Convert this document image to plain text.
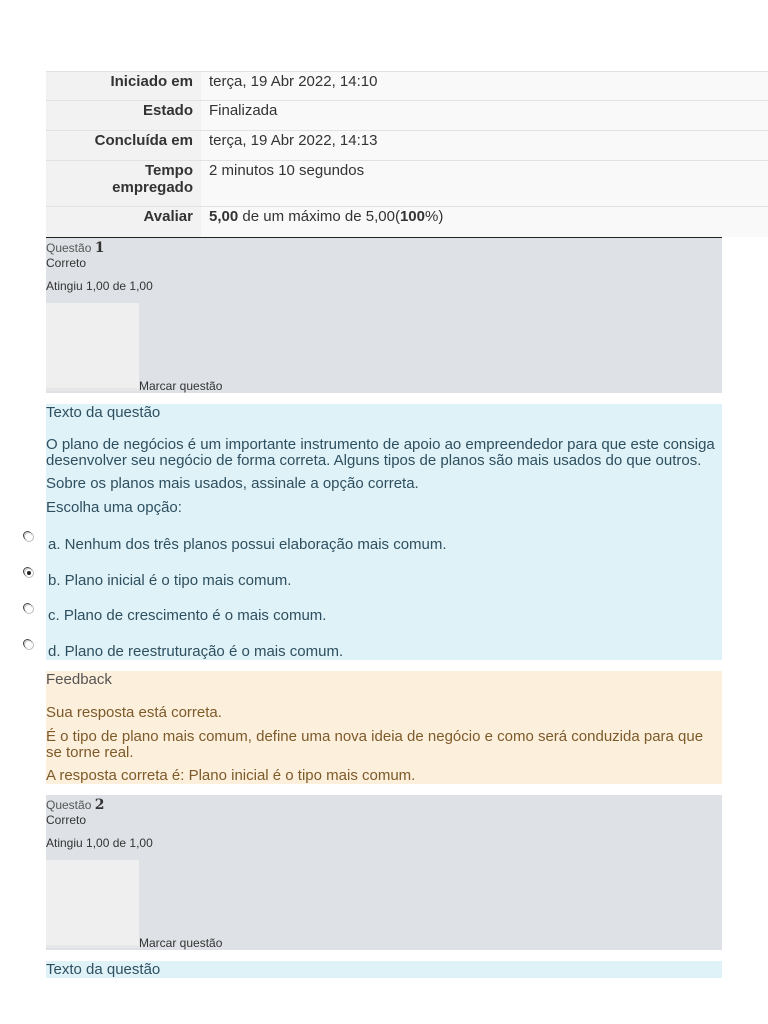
Iniciado em	terça, 19 Abr 2022, 14:10
Estado	Finalizada
Concluída em	terça, 19 Abr 2022, 14:13
Tempo
empregado	2 minutos 10 segundos
Avaliar	5,00 de um máximo de 5,00(100%)
Questão 1
Correto
Atingiu 1,00 de 1,00
Marcar questão
Texto da questão

O plano de negócios é um importante instrumento de apoio ao empreendedor para que este consiga desenvolver seu negócio de forma correta. Alguns tipos de planos são mais usados do que outros.

Sobre os planos mais usados, assinale a opção correta.

Escolha uma opção:

a. Nenhum dos três planos possui elaboração mais comum.
b. Plano inicial é o tipo mais comum.
c. Plano de crescimento é o mais comum.
d. Plano de reestruturação é o mais comum.
Feedback

Sua resposta está correta.

É o tipo de plano mais comum, define uma nova ideia de negócio e como será conduzida para que se torne real.

A resposta correta é: Plano inicial é o tipo mais comum.

Questão 2
Correto
Atingiu 1,00 de 1,00
Marcar questão
Texto da questão
